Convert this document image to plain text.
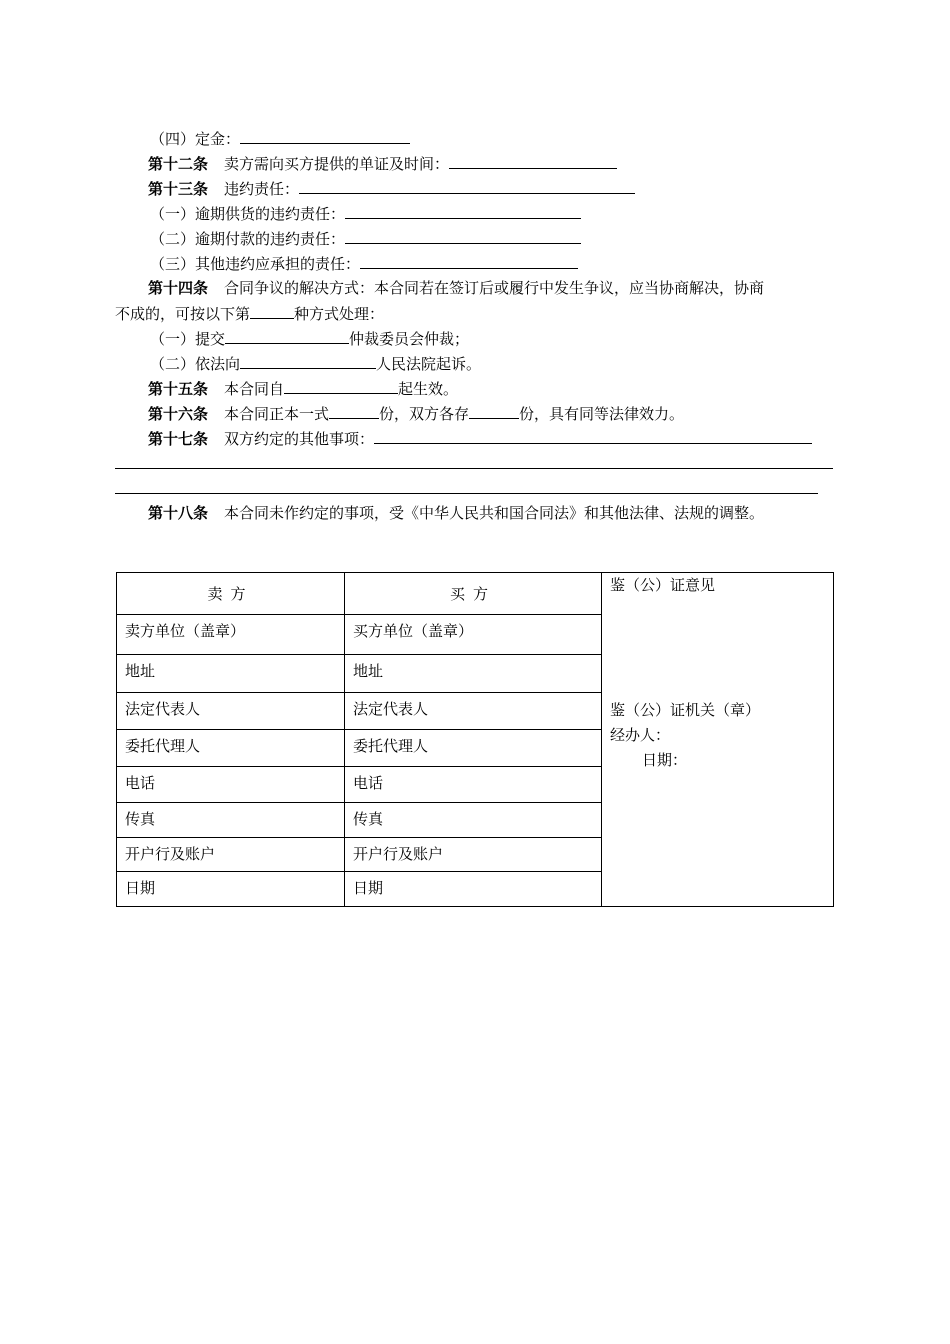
（四）定金：
第十二条 卖方需向买方提供的单证及时间：
第十三条 违约责任：
（一）逾期供货的违约责任：
（二）逾期付款的违约责任：
（三）其他违约应承担的责任：
第十四条 合同争议的解决方式：本合同若在签订后或履行中发生争议，应当协商解决，协商
不成的，可按以下第	种方式处理：
（一）提交	仲裁委员会仲裁；
（二）依法向	人民法院起诉。
第十五条 本合同自	起生效。
第十六条 本合同正本一式	份，双方各存	份，具有同等法律效力。
第十七条 双方约定的其他事项：
第十八条 本合同未作约定的事项，受《中华人民共和国合同法》和其他法律、法规的调整。
卖方	买方	鉴（公）证意见
鉴（公）证机关（章）
经办人：
日期：

卖方单位（盖章）	买方单位（盖章）	
地址	地址	
法定代表人	法定代表人	
委托代理人	委托代理人	
电话	电话	
传真	传真	
开户行及账户	开户行及账户	
日期	日期	
